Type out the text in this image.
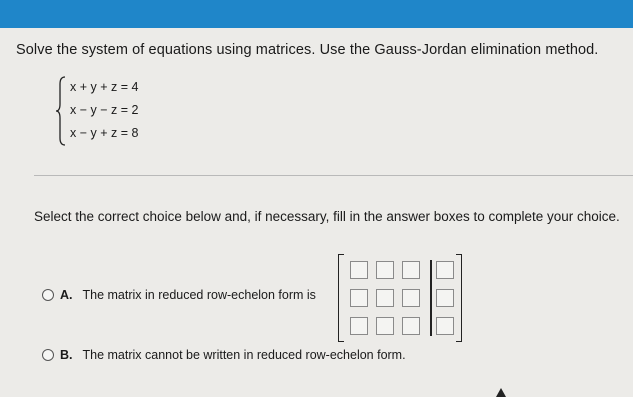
Solve the system of equations using matrices. Use the Gauss-Jordan elimination method.
x + y + z = 4
x − y − z = 2
x − y + z = 8
Select the correct choice below and, if necessary, fill in the answer boxes to complete your choice.
A. The matrix in reduced row-echelon form is
B. The matrix cannot be written in reduced row-echelon form.
